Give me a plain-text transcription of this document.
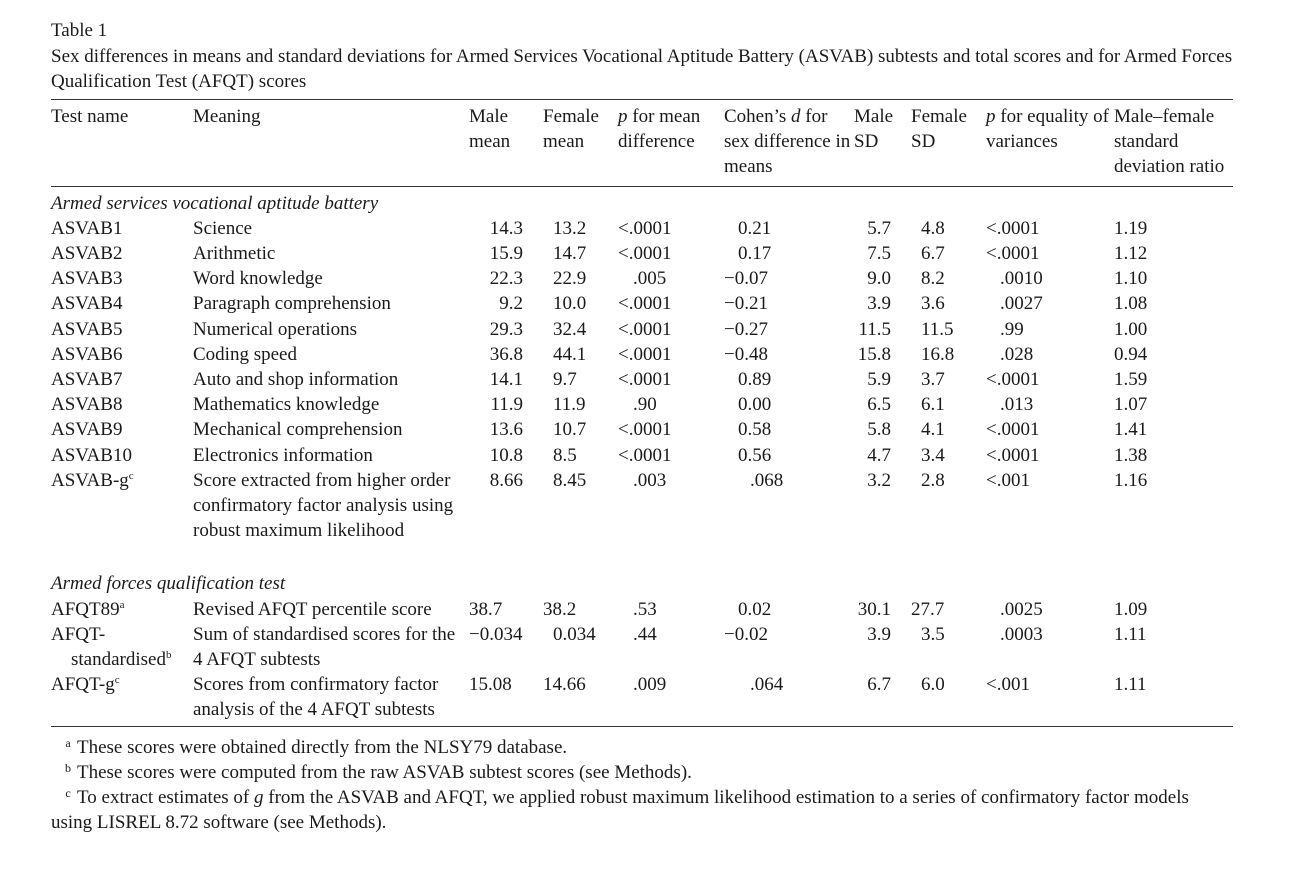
Table 1
Sex differences in means and standard deviations for Armed Services Vocational Aptitude Battery (ASVAB) subtests and total scores and for Armed Forces Qualification Test (AFQT) scores
Test name	Meaning	Male mean	Female mean	p for mean difference	Cohen’s d for sex difference in means	Male SD	Female SD	p for equality of variances	Male–female standard deviation ratio
Armed services vocational aptitude battery									
ASVAB1	Science	14.3	13.2	<.0001	0.21	5.7	4.8	<.0001	1.19
ASVAB2	Arithmetic	15.9	14.7	<.0001	0.17	7.5	6.7	<.0001	1.12
ASVAB3	Word knowledge	22.3	22.9	.005	−0.07	9.0	8.2	.0010	1.10
ASVAB4	Paragraph comprehension	9.2	10.0	<.0001	−0.21	3.9	3.6	.0027	1.08
ASVAB5	Numerical operations	29.3	32.4	<.0001	−0.27	11.5	11.5	.99	1.00
ASVAB6	Coding speed	36.8	44.1	<.0001	−0.48	15.8	16.8	.028	0.94
ASVAB7	Auto and shop information	14.1	9.7	<.0001	0.89	5.9	3.7	<.0001	1.59
ASVAB8	Mathematics knowledge	11.9	11.9	.90	0.00	6.5	6.1	.013	1.07
ASVAB9	Mechanical comprehension	13.6	10.7	<.0001	0.58	5.8	4.1	<.0001	1.41
ASVAB10	Electronics information	10.8	8.5	<.0001	0.56	4.7	3.4	<.0001	1.38
ASVAB-$g^c$	Score extracted from higher order confirmatory factor analysis using robust maximum likelihood	8.66	8.45	.003	.068	3.2	2.8	<.001	1.16

Armed forces qualification test									
AFQT89$^a$	Revised AFQT percentile score	38.7	38.2	.53	0.02	30.1	27.7	.0025	1.09
AFQT-
standardised$^b$	Sum of standardised scores for the 4 AFQT subtests	−0.034	0.034	.44	−0.02	3.9	3.5	.0003	1.11
AFQT-$g^c$	Scores from confirmatory factor analysis of the 4 AFQT subtests	15.08	14.66	.009	.064	6.7	6.0	<.001	1.11
a These scores were obtained directly from the NLSY79 database.
b These scores were computed from the raw ASVAB subtest scores (see Methods).
c To extract estimates of g from the ASVAB and AFQT, we applied robust maximum likelihood estimation to a series of confirmatory factor models using LISREL 8.72 software (see Methods).
